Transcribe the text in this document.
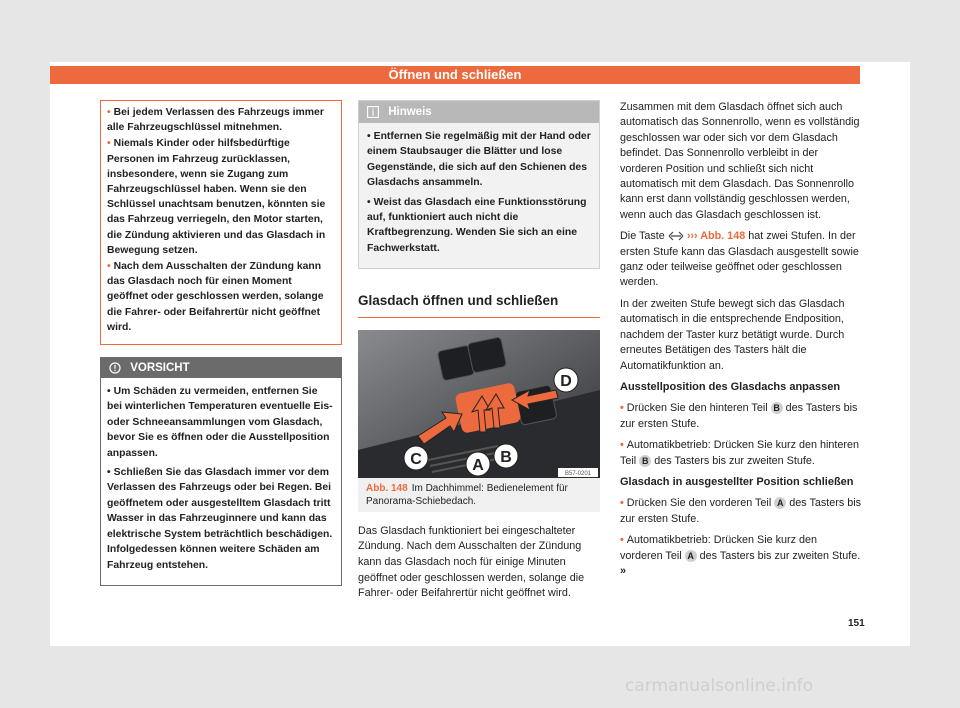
Öffnen und schließen

• Bei jedem Verlassen des Fahrzeugs immer alle Fahrzeugschlüssel mitnehmen.

• Niemals Kinder oder hilfsbedürftige Personen im Fahrzeug zurücklassen, insbesondere, wenn sie Zugang zum Fahrzeugschlüssel haben. Wenn sie den Schlüssel unachtsam benutzen, könnten sie das Fahrzeug verriegeln, den Motor starten, die Zündung aktivieren und das Glasdach in Bewegung setzen.

• Nach dem Ausschalten der Zündung kann das Glasdach noch für einen Moment geöffnet oder geschlossen werden, solange die Fahrer- oder Beifahrertür nicht geöffnet wird.

VORSICHT

• Um Schäden zu vermeiden, entfernen Sie bei winterlichen Temperaturen eventuelle Eis- oder Schneeansammlungen vom Glasdach, bevor Sie es öffnen oder die Ausstellposition anpassen.

• Schließen Sie das Glasdach immer vor dem Verlassen des Fahrzeugs oder bei Regen. Bei geöffnetem oder ausgestelltem Glasdach tritt Wasser in das Fahrzeuginnere und kann das elektrische System beträchtlich beschädigen. Infolgedessen können weitere Schäden am Fahrzeug entstehen.

Hinweis

• Entfernen Sie regelmäßig mit der Hand oder einem Staubsauger die Blätter und lose Gegenstände, die sich auf den Schienen des Glasdachs ansammeln.

• Weist das Glasdach eine Funktionsstörung auf, funktioniert auch nicht die Kraftbegrenzung. Wenden Sie sich an eine Fachwerkstatt.

Glasdach öffnen und schließen
C	A B
D
B57-0201
Abb. 148 Im Dachhimmel: Bedienelement für Panorama-Schiebedach.
Das Glasdach funktioniert bei eingeschalteter Zündung. Nach dem Ausschalten der Zündung kann das Glasdach noch für einige Minuten geöffnet oder geschlossen werden, solange die Fahrer- oder Beifahrertür nicht geöffnet wird.

Zusammen mit dem Glasdach öffnet sich auch automatisch das Sonnenrollo, wenn es vollständig geschlossen war oder sich vor dem Glasdach befindet. Das Sonnenrollo verbleibt in der vorderen Position und schließt sich nicht automatisch mit dem Glasdach. Das Sonnenrollo kann erst dann vollständig geschlossen werden, wenn auch das Glasdach geschlossen ist.

Die Taste ››› Abb. 148 hat zwei Stufen. In der ersten Stufe kann das Glasdach ausgestellt sowie ganz oder teilweise geöffnet oder geschlossen werden.

In der zweiten Stufe bewegt sich das Glasdach automatisch in die entsprechende Endposition, nachdem der Taster kurz betätigt wurde. Durch erneutes Betätigen des Tasters hält die Automatikfunktion an.

Ausstellposition des Glasdachs anpassen

• Drücken Sie den hinteren Teil B des Tasters bis zur ersten Stufe.

• Automatikbetrieb: Drücken Sie kurz den hinteren Teil B des Tasters bis zur zweiten Stufe.

Glasdach in ausgestellter Position schließen

• Drücken Sie den vorderen Teil A des Tasters bis zur ersten Stufe.

• Automatikbetrieb: Drücken Sie kurz den vorderen Teil A des Tasters bis zur zweiten Stufe. »

151
carmanualsonline.info
